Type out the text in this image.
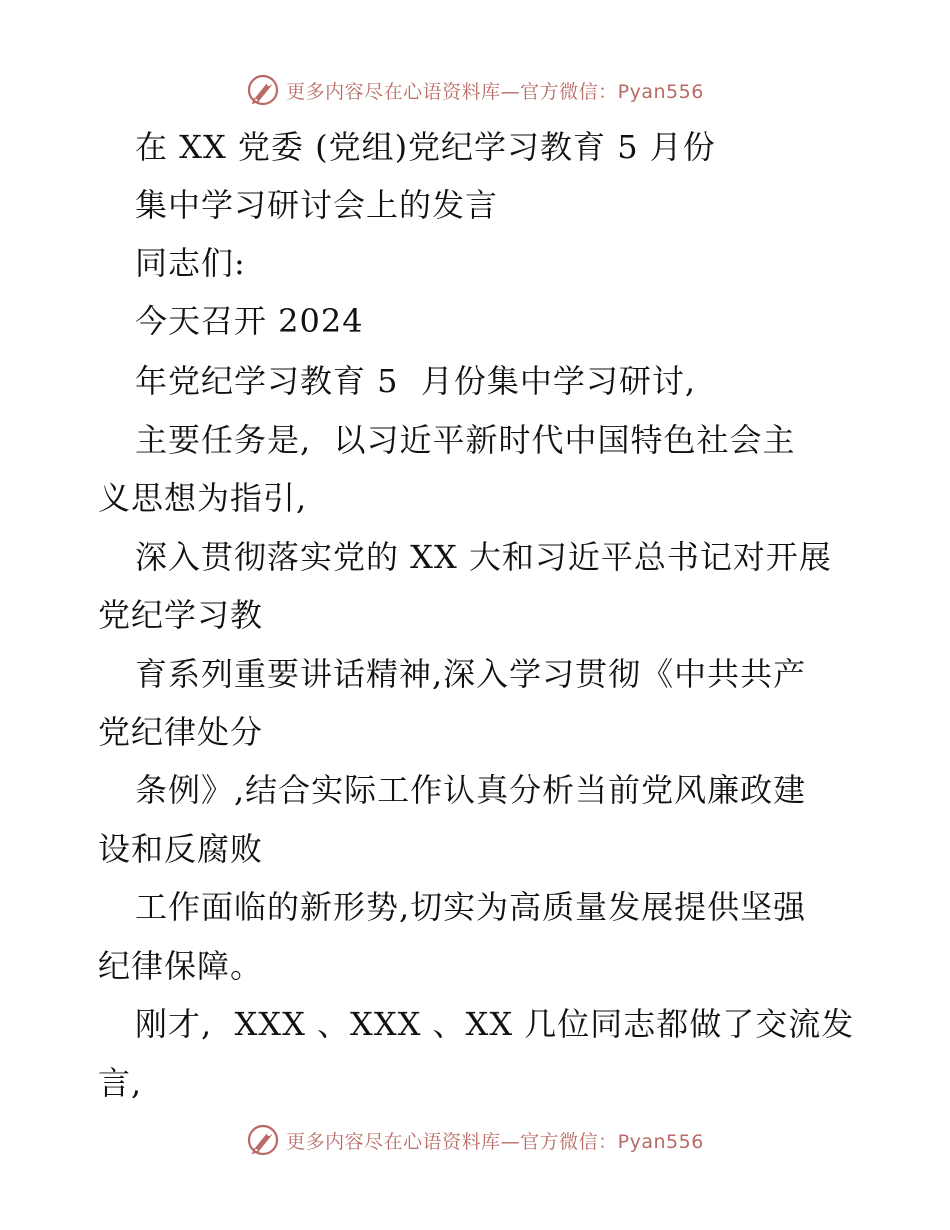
更多内容尽在心语资料库—官方微信：Pyan556
在 XX 党委 (党组)党纪学习教育 5 月份
集中学习研讨会上的发言
同志们:
今天召开 2024
年党纪学习教育 5  月份集中学习研讨,
主要任务是,  以习近平新时代中国特色社会主
义思想为指引,
深入贯彻落实党的 XX 大和习近平总书记对开展
党纪学习教
育系列重要讲话精神,深入学习贯彻《中共共产
党纪律处分
条例》,结合实际工作认真分析当前党风廉政建
设和反腐败
工作面临的新形势,切实为高质量发展提供坚强
纪律保障。
刚才,  XXX 、XXX 、XX 几位同志都做了交流发
言,
更多内容尽在心语资料库—官方微信：Pyan556
